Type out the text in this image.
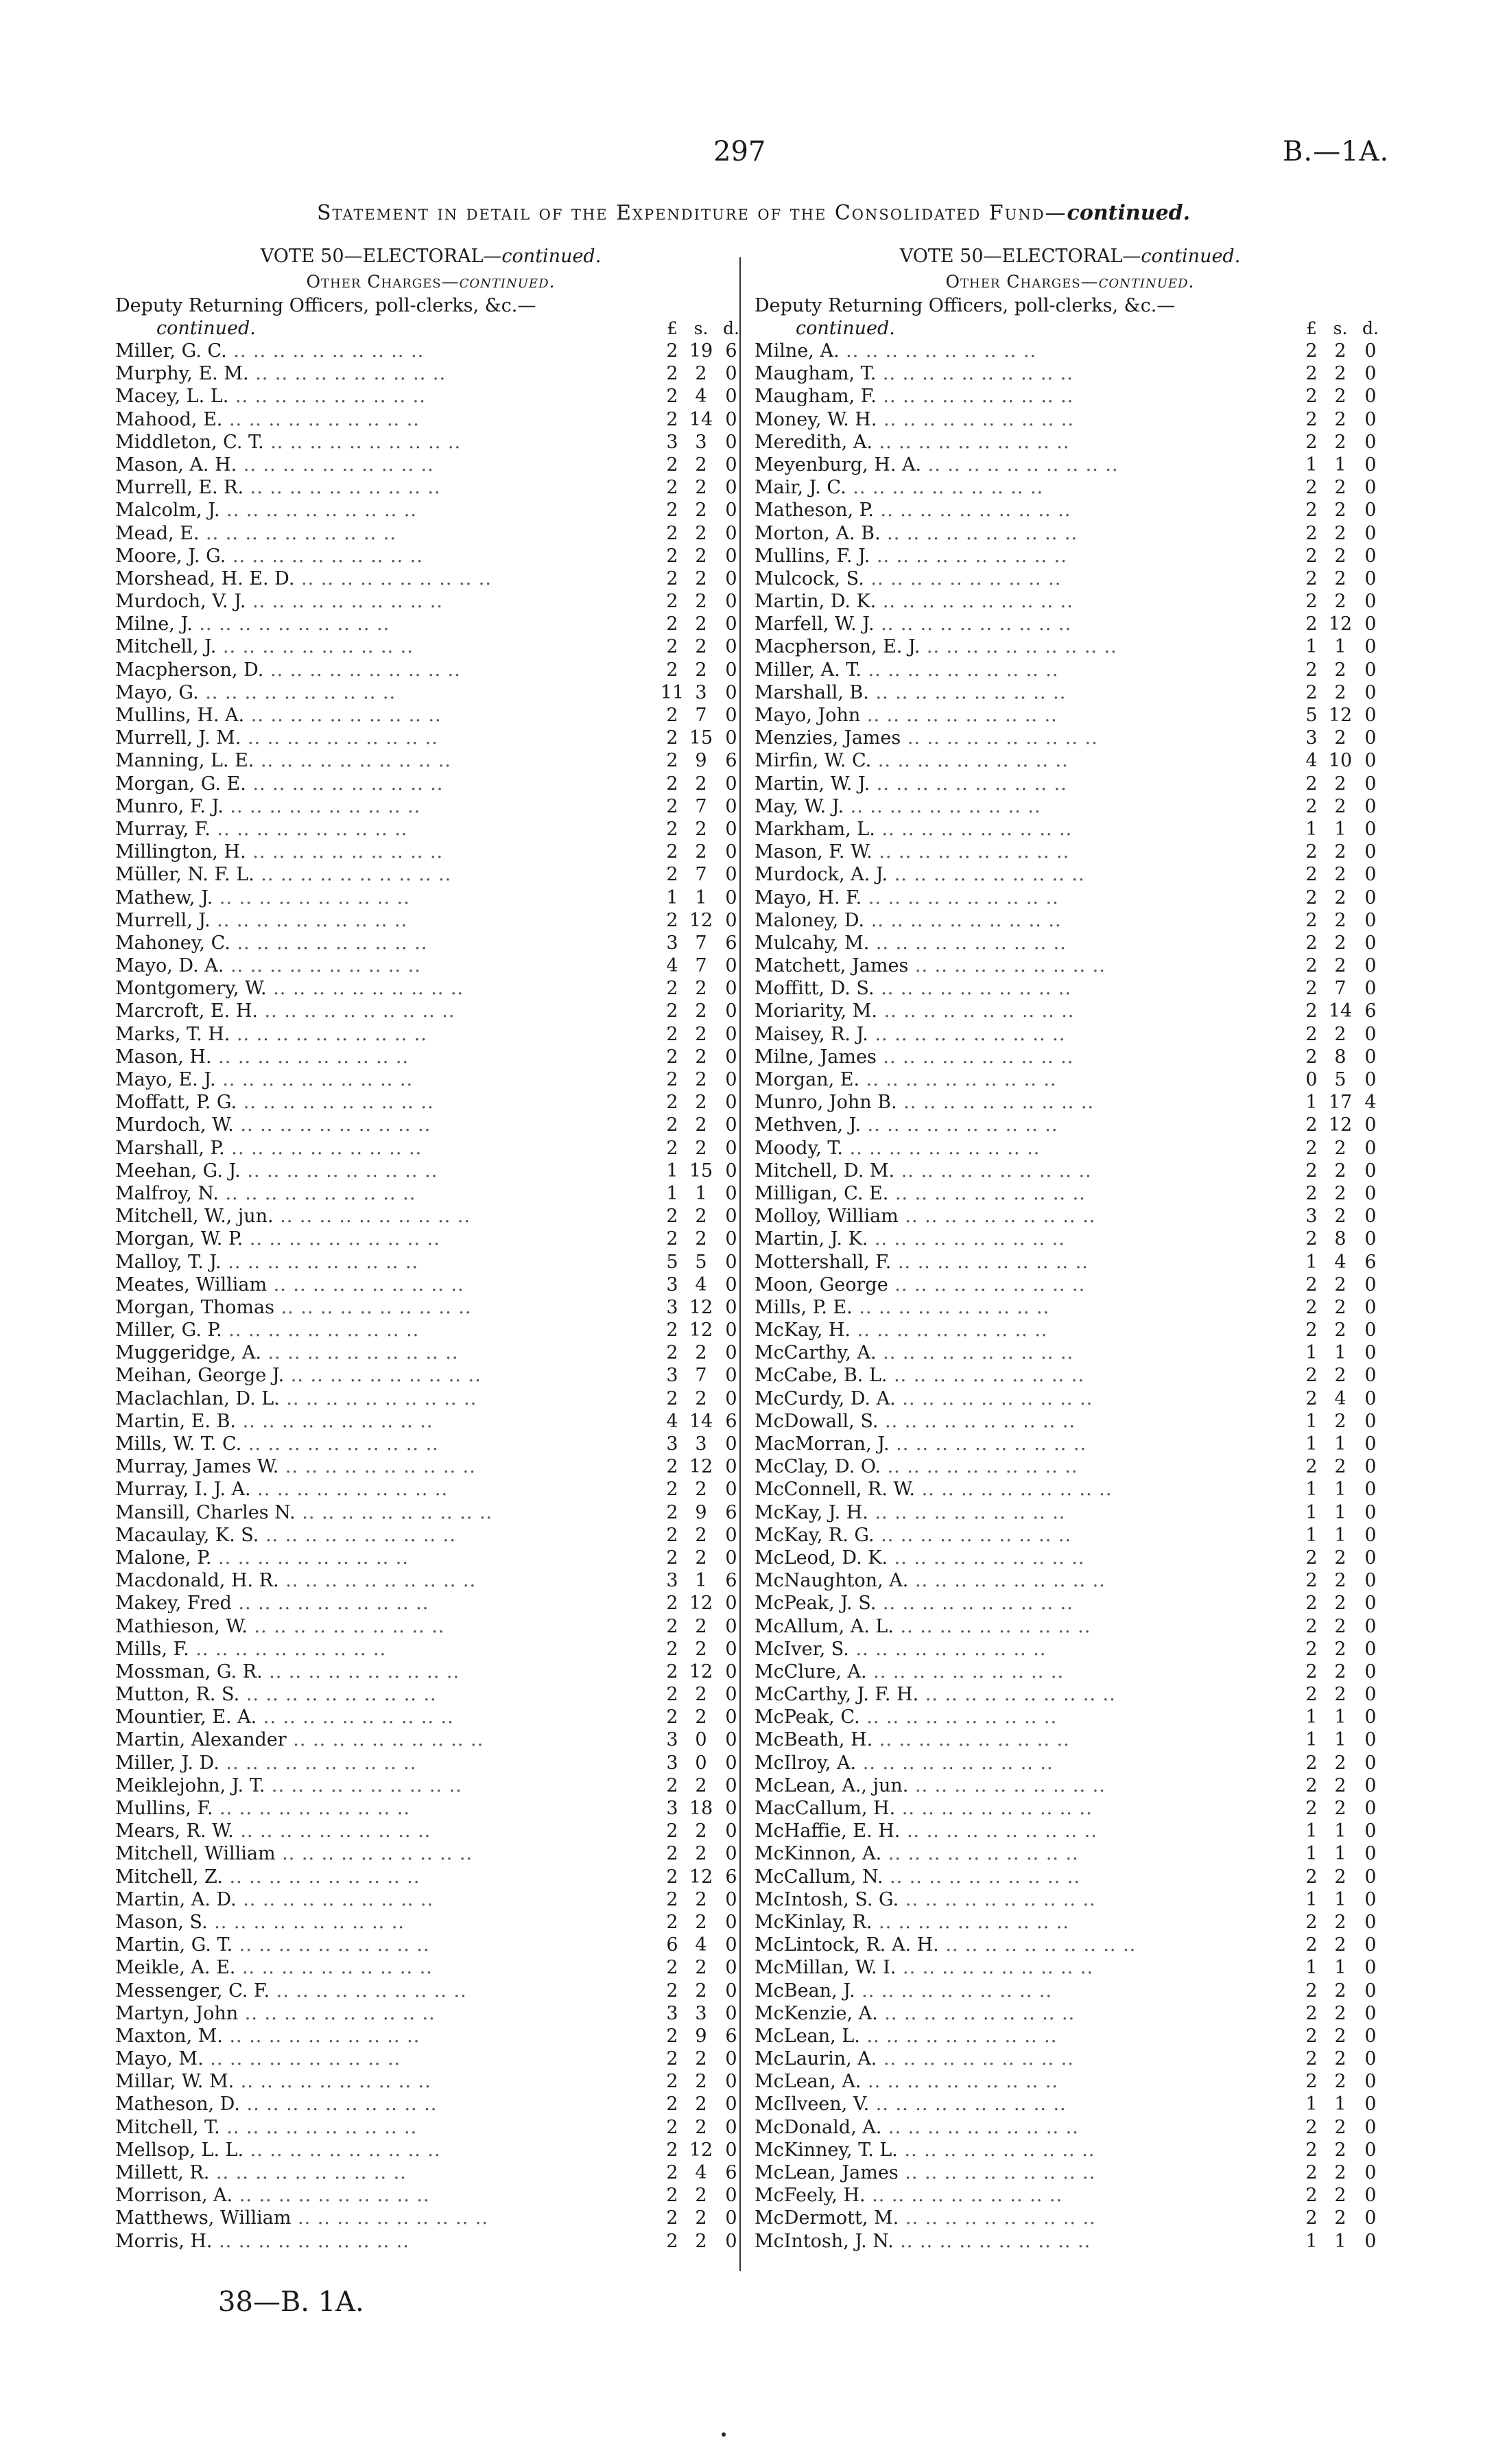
297	B.—1A.
Statement in detail of the Expenditure of the Consolidated Fund—continued.
VOTE 50—ELECTORAL—continued.
Other Charges—continued.
Deputy Returning Officers, poll-clerks, &c.—
continued.	£ s. d.
Miller, G. C. ..	2 19 6
Murphy, E. M. ..	2 2 0
Macey, L. L. ..	2 4 0
Mahood, E. ..	2 14 0
Middleton, C. T. ..	3 3 0
Mason, A. H. ..	2 2 0
Murrell, E. R. ..	2 2 0
Malcolm, J. ..	2 2 0
Mead, E. ..	2 2 0
Moore, J. G. ..	2 2 0
Morshead, H. E. D. ..	2 2 0
Murdoch, V. J. ..	2 2 0
Milne, J. ..	2 2 0
Mitchell, J. ..	2 2 0
Macpherson, D. ..	2 2 0
Mayo, G. ..	11 3 0
Mullins, H. A. ..	2 7 0
Murrell, J. M. ..	2 15 0
Manning, L. E. ..	2 9 6
Morgan, G. E. ..	2 2 0
Munro, F. J. ..	2 7 0
Murray, F. ..	2 2 0
Millington, H. ..	2 2 0
Müller, N. F. L. ..	2 7 0
Mathew, J. ..	1 1 0
Murrell, J. ..	2 12 0
Mahoney, C. ..	3 7 6
Mayo, D. A. ..	4 7 0
Montgomery, W. ..	2 2 0
Marcroft, E. H. ..	2 2 0
Marks, T. H. ..	2 2 0
Mason, H. ..	2 2 0
Mayo, E. J. ..	2 2 0
Moffatt, P. G. ..	2 2 0
Murdoch, W. ..	2 2 0
Marshall, P. ..	2 2 0
Meehan, G. J. ..	1 15 0
Malfroy, N. ..	1 1 0
Mitchell, W., jun. ..	2 2 0
Morgan, W. P. ..	2 2 0
Malloy, T. J. ..	5 5 0
Meates, William ..	3 4 0
Morgan, Thomas ..	3 12 0
Miller, G. P. ..	2 12 0
Muggeridge, A. ..	2 2 0
Meihan, George J. ..	3 7 0
Maclachlan, D. L. ..	2 2 0
Martin, E. B. ..	4 14 6
Mills, W. T. C. ..	3 3 0
Murray, James W. ..	2 12 0
Murray, I. J. A. ..	2 2 0
Mansill, Charles N. ..	2 9 6
Macaulay, K. S. ..	2 2 0
Malone, P. ..	2 2 0
Macdonald, H. R. ..	3 1 6
Makey, Fred ..	2 12 0
Mathieson, W. ..	2 2 0
Mills, F. ..	2 2 0
Mossman, G. R. ..	2 12 0
Mutton, R. S. ..	2 2 0
Mountier, E. A. ..	2 2 0
Martin, Alexander ..	3 0 0
Miller, J. D. ..	3 0 0
Meiklejohn, J. T. ..	2 2 0
Mullins, F. ..	3 18 0
Mears, R. W. ..	2 2 0
Mitchell, William ..	2 2 0
Mitchell, Z. ..	2 12 6
Martin, A. D. ..	2 2 0
Mason, S. ..	2 2 0
Martin, G. T. ..	6 4 0
Meikle, A. E. ..	2 2 0
Messenger, C. F. ..	2 2 0
Martyn, John ..	3 3 0
Maxton, M. ..	2 9 6
Mayo, M. ..	2 2 0
Millar, W. M. ..	2 2 0
Matheson, D. ..	2 2 0
Mitchell, T. ..	2 2 0
Mellsop, L. L. ..	2 12 0
Millett, R. ..	2 4 6
Morrison, A. ..	2 2 0
Matthews, William ..	2 2 0
Morris, H. ..	2 2 0
VOTE 50—ELECTORAL—continued.
Other Charges—continued.
Deputy Returning Officers, poll-clerks, &c.—
continued.	£ s. d.
Milne, A. ..	2 2 0
Maugham, T. ..	2 2 0
Maugham, F. ..	2 2 0
Money, W. H. ..	2 2 0
Meredith, A. ..	2 2 0
Meyenburg, H. A. ..	1 1 0
Mair, J. C. ..	2 2 0
Matheson, P. ..	2 2 0
Morton, A. B. ..	2 2 0
Mullins, F. J. ..	2 2 0
Mulcock, S. ..	2 2 0
Martin, D. K. ..	2 2 0
Marfell, W. J. ..	2 12 0
Macpherson, E. J. ..	1 1 0
Miller, A. T. ..	2 2 0
Marshall, B. ..	2 2 0
Mayo, John ..	5 12 0
Menzies, James ..	3 2 0
Mirfin, W. C. ..	4 10 0
Martin, W. J. ..	2 2 0
May, W. J. ..	2 2 0
Markham, L. ..	1 1 0
Mason, F. W. ..	2 2 0
Murdock, A. J. ..	2 2 0
Mayo, H. F. ..	2 2 0
Maloney, D. ..	2 2 0
Mulcahy, M. ..	2 2 0
Matchett, James ..	2 2 0
Moffitt, D. S. ..	2 7 0
Moriarity, M. ..	2 14 6
Maisey, R. J. ..	2 2 0
Milne, James ..	2 8 0
Morgan, E. ..	0 5 0
Munro, John B. ..	1 17 4
Methven, J. ..	2 12 0
Moody, T. ..	2 2 0
Mitchell, D. M. ..	2 2 0
Milligan, C. E. ..	2 2 0
Molloy, William ..	3 2 0
Martin, J. K. ..	2 8 0
Mottershall, F. ..	1 4 6
Moon, George ..	2 2 0
Mills, P. E. ..	2 2 0
McKay, H. ..	2 2 0
McCarthy, A. ..	1 1 0
McCabe, B. L. ..	2 2 0
McCurdy, D. A. ..	2 4 0
McDowall, S. ..	1 2 0
MacMorran, J. ..	1 1 0
McClay, D. O. ..	2 2 0
McConnell, R. W. ..	1 1 0
McKay, J. H. ..	1 1 0
McKay, R. G. ..	1 1 0
McLeod, D. K. ..	2 2 0
McNaughton, A. ..	2 2 0
McPeak, J. S. ..	2 2 0
McAllum, A. L. ..	2 2 0
McIver, S. ..	2 2 0
McClure, A. ..	2 2 0
McCarthy, J. F. H. ..	2 2 0
McPeak, C. ..	1 1 0
McBeath, H. ..	1 1 0
McIlroy, A. ..	2 2 0
McLean, A., jun. ..	2 2 0
MacCallum, H. ..	2 2 0
McHaffie, E. H. ..	1 1 0
McKinnon, A. ..	1 1 0
McCallum, N. ..	2 2 0
McIntosh, S. G. ..	1 1 0
McKinlay, R. ..	2 2 0
McLintock, R. A. H. ..	2 2 0
McMillan, W. I. ..	1 1 0
McBean, J. ..	2 2 0
McKenzie, A. ..	2 2 0
McLean, L. ..	2 2 0
McLaurin, A. ..	2 2 0
McLean, A. ..	2 2 0
McIlveen, V. ..	1 1 0
McDonald, A. ..	2 2 0
McKinney, T. L. ..	2 2 0
McLean, James ..	2 2 0
McFeely, H. ..	2 2 0
McDermott, M. ..	2 2 0
McIntosh, J. N. ..	1 1 0
38—B. 1A.
